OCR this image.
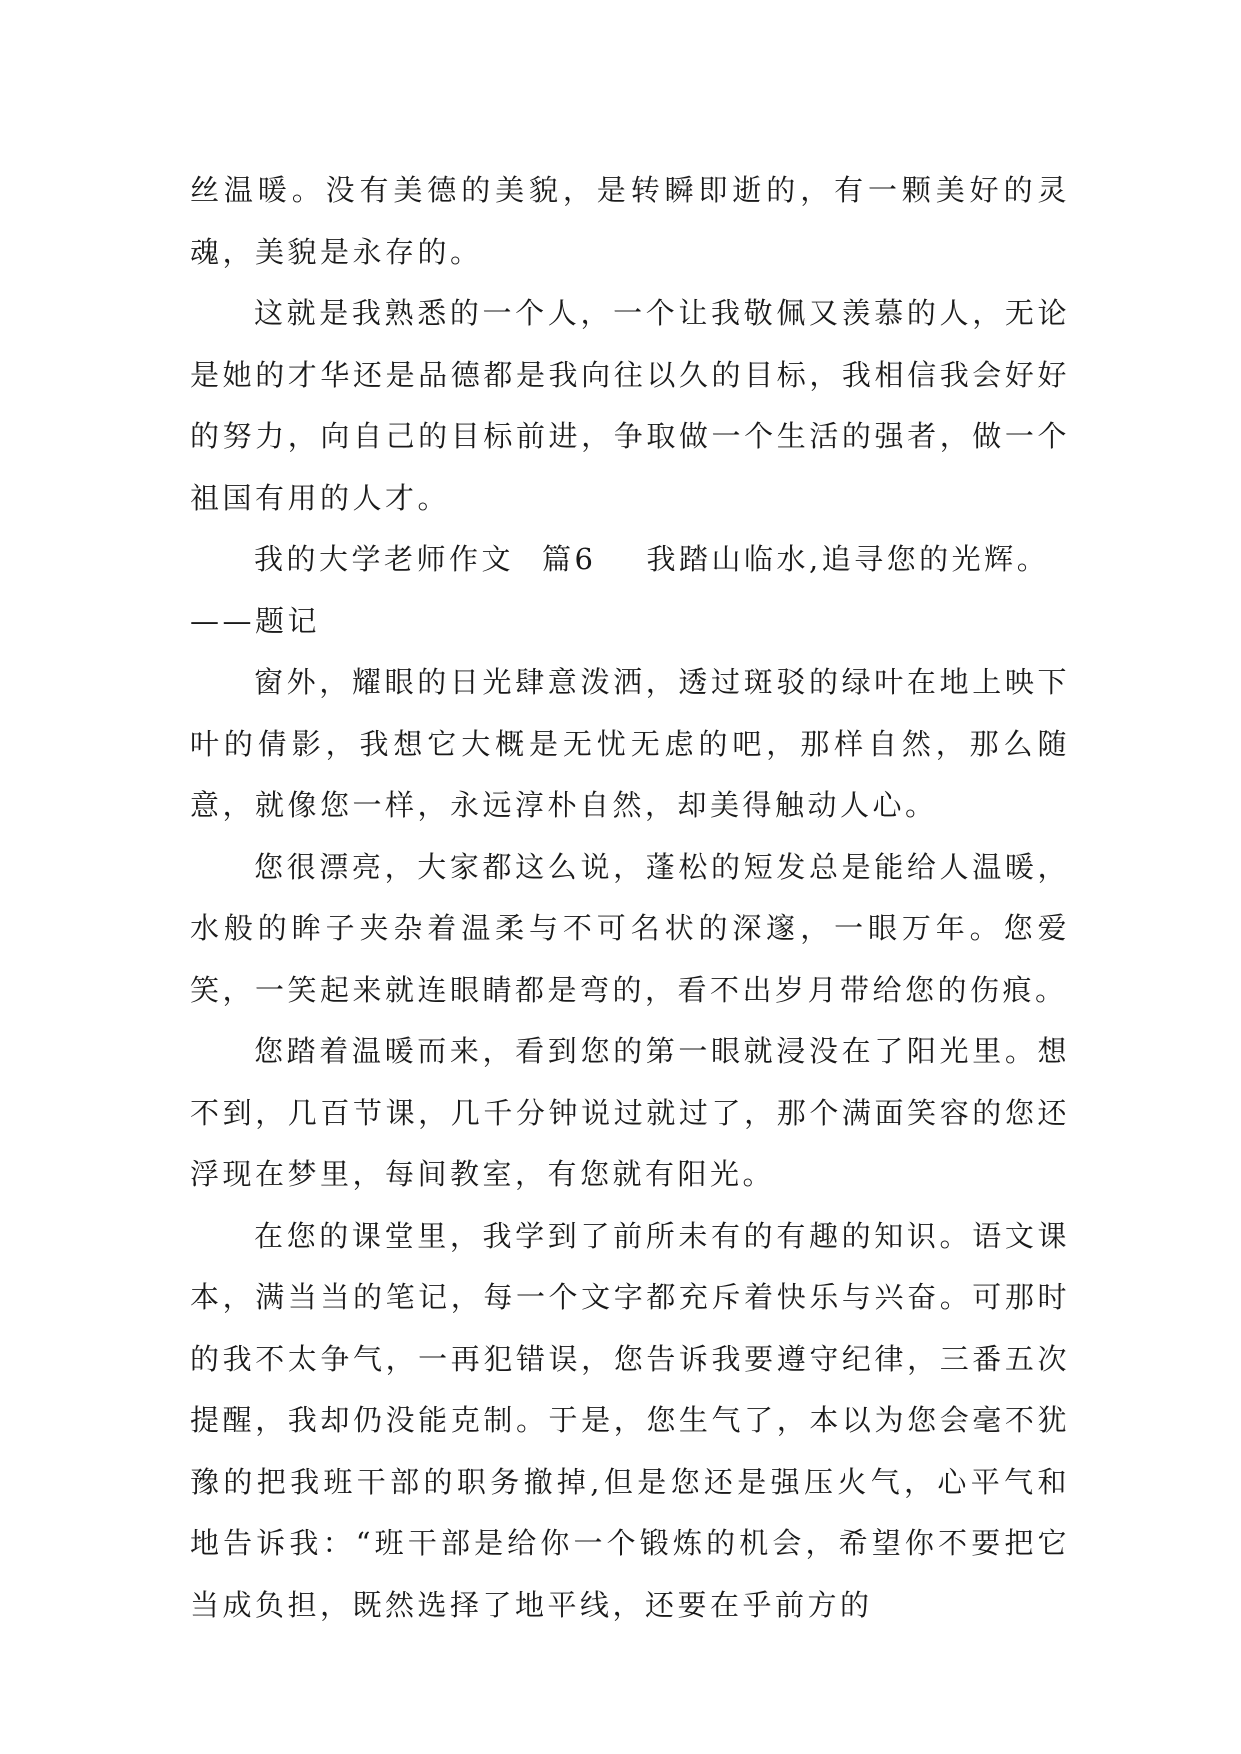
丝温暖。没有美德的美貌，是转瞬即逝的，有一颗美好的灵魂，美貌是永存的。

这就是我熟悉的一个人，一个让我敬佩又羡慕的人，无论是她的才华还是品德都是我向往以久的目标，我相信我会好好的努力，向自己的目标前进，争取做一个生活的强者，做一个祖国有用的人才。

我的大学老师作文 篇6 我踏山临水,追寻您的光辉。

——题记

窗外，耀眼的日光肆意泼洒，透过斑驳的绿叶在地上映下叶的倩影，我想它大概是无忧无虑的吧，那样自然，那么随意，就像您一样，永远淳朴自然，却美得触动人心。

您很漂亮，大家都这么说，蓬松的短发总是能给人温暖，水般的眸子夹杂着温柔与不可名状的深邃，一眼万年。您爱笑，一笑起来就连眼睛都是弯的，看不出岁月带给您的伤痕。

您踏着温暖而来，看到您的第一眼就浸没在了阳光里。想不到，几百节课，几千分钟说过就过了，那个满面笑容的您还浮现在梦里，每间教室，有您就有阳光。

在您的课堂里，我学到了前所未有的有趣的知识。语文课本，满当当的笔记，每一个文字都充斥着快乐与兴奋。可那时的我不太争气，一再犯错误，您告诉我要遵守纪律，三番五次提醒，我却仍没能克制。于是，您生气了，本以为您会毫不犹豫的把我班干部的职务撤掉,但是您还是强压火气，心平气和地告诉我：“班干部是给你一个锻炼的机会，希望你不要把它当成负担，既然选择了地平线，还要在乎前方的
